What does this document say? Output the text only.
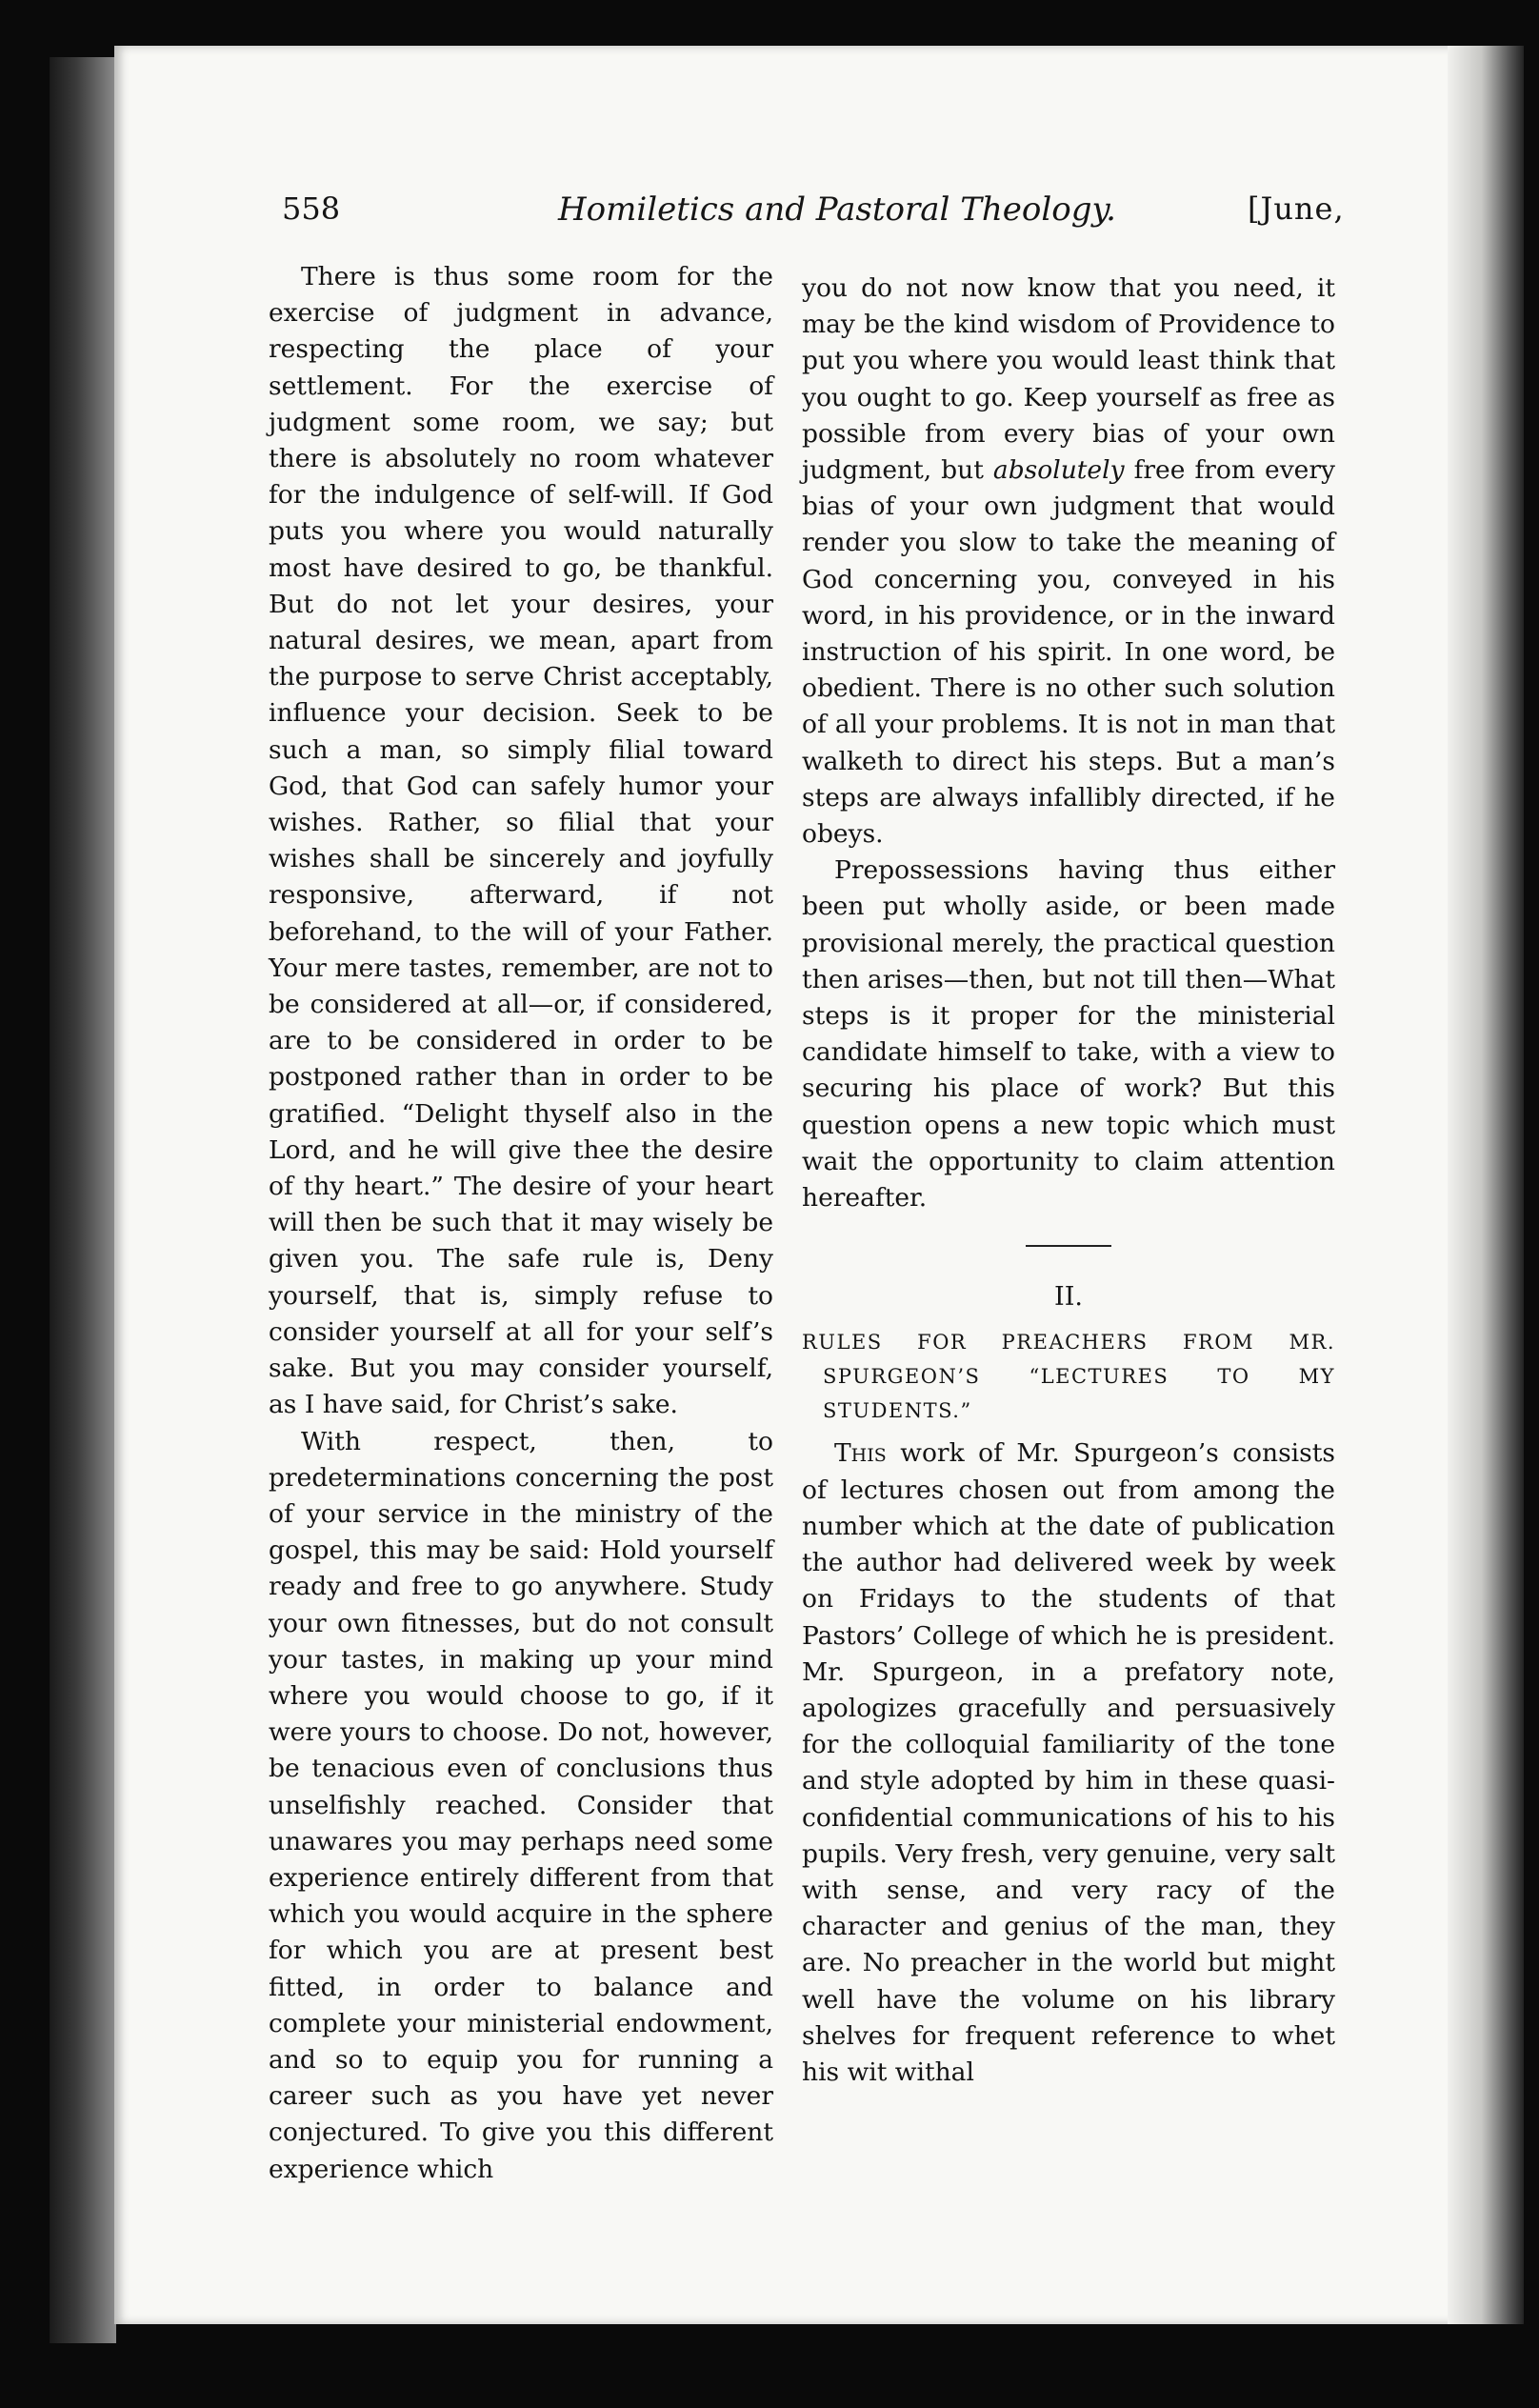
558	Homiletics and Pastoral Theology.	[June,

There is thus some room for the exercise of judgment in advance, respecting the place of your settlement. For the exercise of judgment some room, we say; but there is absolutely no room whatever for the indulgence of self-will. If God puts you where you would naturally most have desired to go, be thankful. But do not let your desires, your natural desires, we mean, apart from the purpose to serve Christ acceptably, influence your decision. Seek to be such a man, so simply filial toward God, that God can safely humor your wishes. Rather, so filial that your wishes shall be sincerely and joyfully responsive, afterward, if not beforehand, to the will of your Father. Your mere tastes, remember, are not to be considered at all—or, if considered, are to be considered in order to be postponed rather than in order to be gratified. “Delight thyself also in the Lord, and he will give thee the desire of thy heart.” The desire of your heart will then be such that it may wisely be given you. The safe rule is, Deny yourself, that is, simply refuse to consider yourself at all for your self’s sake. But you may consider yourself, as I have said, for Christ’s sake.

With respect, then, to predeterminations concerning the post of your service in the ministry of the gospel, this may be said: Hold yourself ready and free to go anywhere. Study your own fitnesses, but do not consult your tastes, in making up your mind where you would choose to go, if it were yours to choose. Do not, however, be tenacious even of conclusions thus unselfishly reached. Consider that unawares you may perhaps need some experience entirely different from that which you would acquire in the sphere for which you are at present best fitted, in order to balance and complete your ministerial endowment, and so to equip you for running a career such as you have yet never conjectured. To give you this different experience which

you do not now know that you need, it may be the kind wisdom of Providence to put you where you would least think that you ought to go. Keep yourself as free as possible from every bias of your own judgment, but absolutely free from every bias of your own judgment that would render you slow to take the meaning of God concerning you, conveyed in his word, in his providence, or in the inward instruction of his spirit. In one word, be obedient. There is no other such solution of all your problems. It is not in man that walketh to direct his steps. But a man’s steps are always infallibly directed, if he obeys.

Prepossessions having thus either been put wholly aside, or been made provisional merely, the practical question then arises—then, but not till then—What steps is it proper for the ministerial candidate himself to take, with a view to securing his place of work? But this question opens a new topic which must wait the opportunity to claim attention hereafter.

II.
RULES FOR PREACHERS FROM MR. SPURGEON’S “LECTURES TO MY STUDENTS.”

This work of Mr. Spurgeon’s consists of lectures chosen out from among the number which at the date of publication the author had delivered week by week on Fridays to the students of that Pastors’ College of which he is president. Mr. Spurgeon, in a prefatory note, apologizes gracefully and persuasively for the colloquial familiarity of the tone and style adopted by him in these quasi-confidential communications of his to his pupils. Very fresh, very genuine, very salt with sense, and very racy of the character and genius of the man, they are. No preacher in the world but might well have the volume on his library shelves for frequent reference to whet his wit withal
